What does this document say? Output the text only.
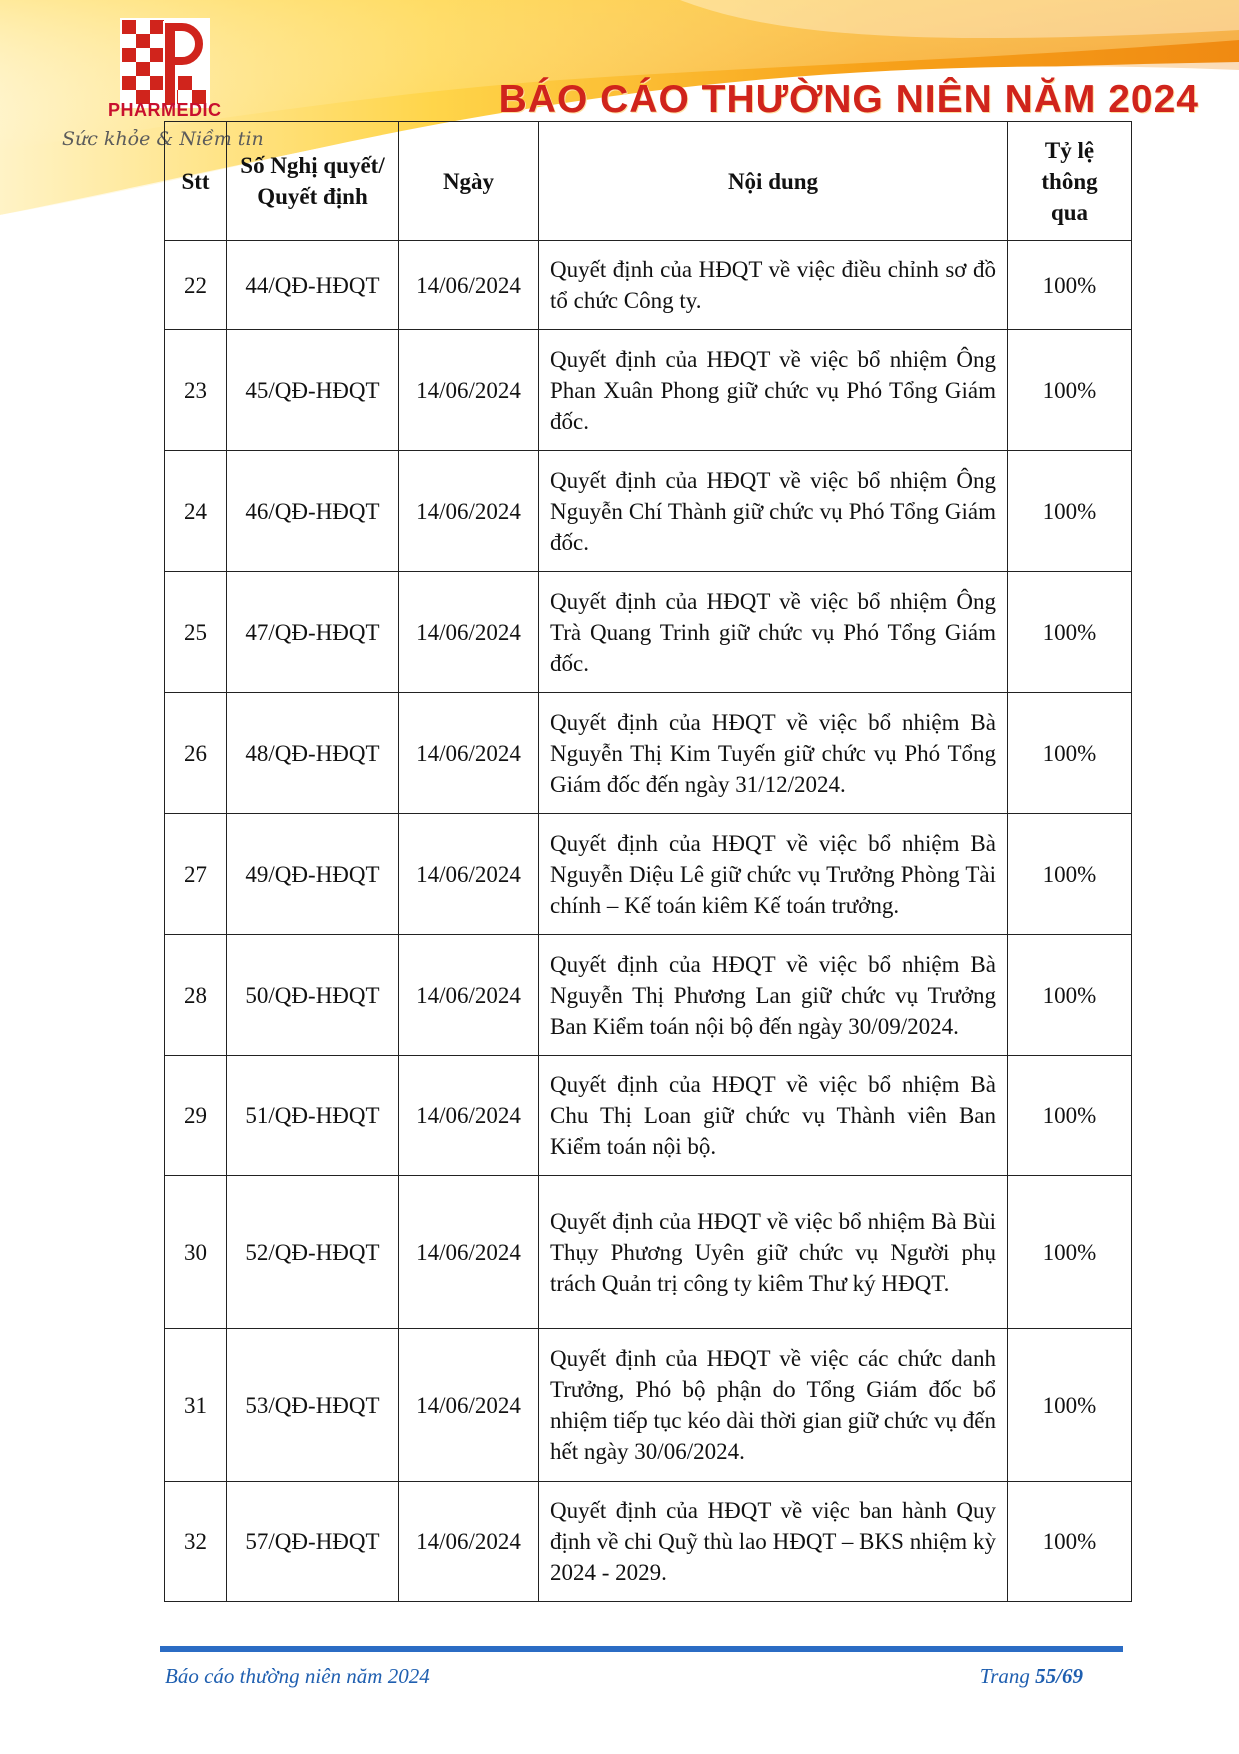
PHARMEDIC
Sức khỏe & Niềm tin
BÁO CÁO THƯỜNG NIÊN NĂM 2024
Stt	Số Nghị quyết/ Quyết định	Ngày	Nội dung	Tỷ lệ thông qua
22	44/QĐ-HĐQT	14/06/2024	Quyết định của HĐQT về việc điều chỉnh sơ đồ tổ chức Công ty.	100%
23	45/QĐ-HĐQT	14/06/2024	Quyết định của HĐQT về việc bổ nhiệm Ông Phan Xuân Phong giữ chức vụ Phó Tổng Giám đốc.	100%
24	46/QĐ-HĐQT	14/06/2024	Quyết định của HĐQT về việc bổ nhiệm Ông Nguyễn Chí Thành giữ chức vụ Phó Tổng Giám đốc.	100%
25	47/QĐ-HĐQT	14/06/2024	Quyết định của HĐQT về việc bổ nhiệm Ông Trà Quang Trinh giữ chức vụ Phó Tổng Giám đốc.	100%
26	48/QĐ-HĐQT	14/06/2024	Quyết định của HĐQT về việc bổ nhiệm Bà Nguyễn Thị Kim Tuyến giữ chức vụ Phó Tổng Giám đốc đến ngày 31/12/2024.	100%
27	49/QĐ-HĐQT	14/06/2024	Quyết định của HĐQT về việc bổ nhiệm Bà Nguyễn Diệu Lê giữ chức vụ Trưởng Phòng Tài chính – Kế toán kiêm Kế toán trưởng.	100%
28	50/QĐ-HĐQT	14/06/2024	Quyết định của HĐQT về việc bổ nhiệm Bà Nguyễn Thị Phương Lan giữ chức vụ Trưởng Ban Kiểm toán nội bộ đến ngày 30/09/2024.	100%
29	51/QĐ-HĐQT	14/06/2024	Quyết định của HĐQT về việc bổ nhiệm Bà Chu Thị Loan giữ chức vụ Thành viên Ban Kiểm toán nội bộ.	100%
30	52/QĐ-HĐQT	14/06/2024	Quyết định của HĐQT về việc bổ nhiệm Bà Bùi Thụy Phương Uyên giữ chức vụ Người phụ trách Quản trị công ty kiêm Thư ký HĐQT.	100%
31	53/QĐ-HĐQT	14/06/2024	Quyết định của HĐQT về việc các chức danh Trưởng, Phó bộ phận do Tổng Giám đốc bổ nhiệm tiếp tục kéo dài thời gian giữ chức vụ đến hết ngày 30/06/2024.	100%
32	57/QĐ-HĐQT	14/06/2024	Quyết định của HĐQT về việc ban hành Quy định về chi Quỹ thù lao HĐQT – BKS nhiệm kỳ 2024 - 2029.	100%
Báo cáo thường niên năm 2024	Trang 55/69
